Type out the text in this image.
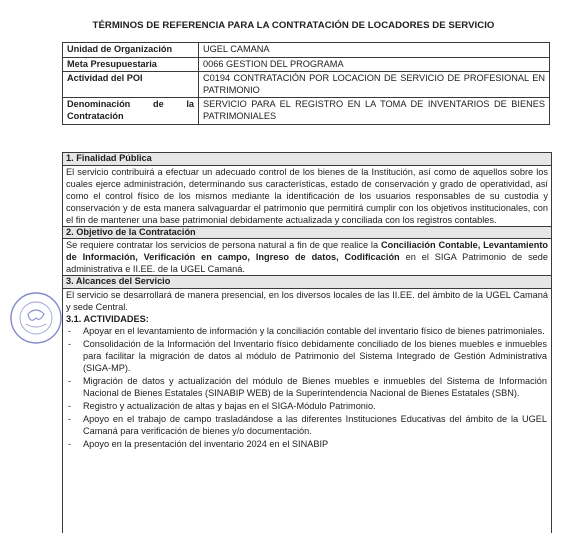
TÉRMINOS DE REFERENCIA PARA LA CONTRATACIÓN DE LOCADORES DE SERVICIO
Unidad de Organización	UGEL CAMANA
Meta Presupuestaria	0066 GESTION DEL PROGRAMA
Actividad del POI	C0194 CONTRATACIÓN POR LOCACION DE SERVICIO DE PROFESIONAL EN PATRIMONIO
Denominación de la Contratación	SERVICIO PARA EL REGISTRO EN LA TOMA DE INVENTARIOS DE BIENES PATRIMONIALES
1. Finalidad Pública
El servicio contribuirá a efectuar un adecuado control de los bienes de la Institución, así como de aquellos sobre los cuales ejerce administración, determinando sus características, estado de conservación y grado de operatividad, así como el control físico de los mismos mediante la identificación de los usuarios responsables de su custodia y conservación y de esta manera salvaguardar el patrimonio que permitirá cumplir con los objetivos institucionales, con el fin de mantener una base patrimonial debidamente actualizada y conciliada con los registros contables.
2. Objetivo de la Contratación
Se requiere contratar los servicios de persona natural a fin de que realice la Conciliación Contable, Levantamiento de Información, Verificación en campo, Ingreso de datos, Codificación en el SIGA Patrimonio de sede administrativa e II.EE. de la UGEL Camaná.
3. Alcances del Servicio
El servicio se desarrollará de manera presencial, en los diversos locales de las II.EE. del ámbito de la UGEL Camaná y sede Central.
3.1. ACTIVIDADES:
- Apoyar en el levantamiento de información y la conciliación contable del inventario físico de bienes patrimoniales.
- Consolidación de la Información del Inventario físico debidamente conciliado de los bienes muebles e inmuebles para facilitar la migración de datos al módulo de Patrimonio del Sistema Integrado de Gestión Administrativa (SIGA-MP).
- Migración de datos y actualización del módulo de Bienes muebles e inmuebles del Sistema de Información Nacional de Bienes Estatales (SINABIP WEB) de la Superintendencia Nacional de Bienes Estatales (SBN).
- Registro y actualización de altas y bajas en el SIGA-Módulo Patrimonio.
- Apoyo en el trabajo de campo trasladándose a las diferentes Instituciones Educativas del ámbito de la UGEL Camaná para verificación de bienes y/o documentación.
- Apoyo en la presentación del inventario 2024 en el SINABIP
